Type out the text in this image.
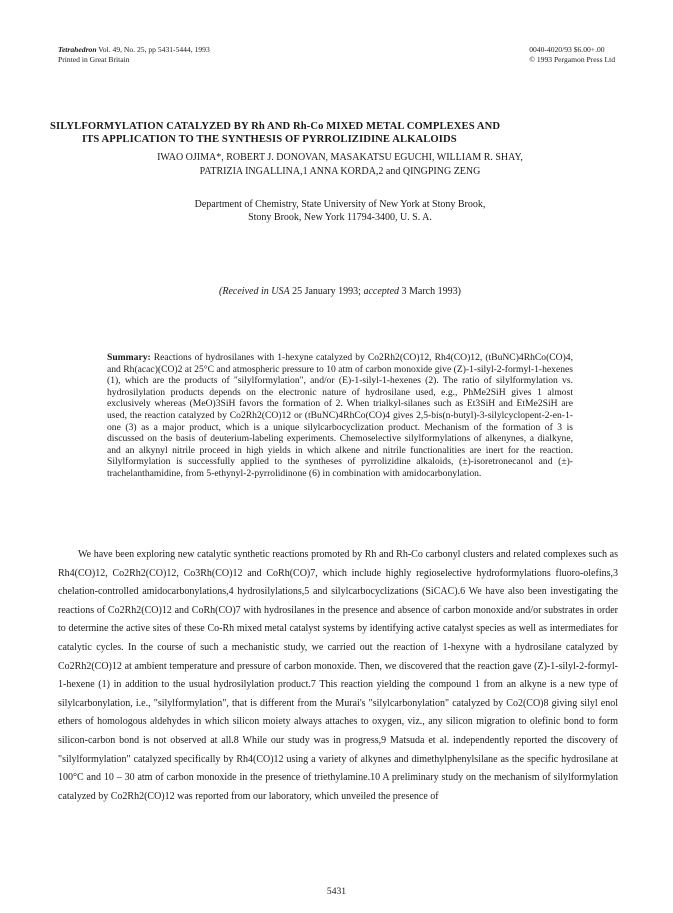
Tetrahedron Vol. 49, No. 25, pp 5431-5444, 1993
Printed in Great Britain
0040-4020/93 $6.00+.00
© 1993 Pergamon Press Ltd
SILYLFORMYLATION CATALYZED BY Rh AND Rh-Co MIXED METAL COMPLEXES AND
ITS APPLICATION TO THE SYNTHESIS OF PYRROLIZIDINE ALKALOIDS
IWAO OJIMA*, ROBERT J. DONOVAN, MASAKATSU EGUCHI, WILLIAM R. SHAY,
PATRIZIA INGALLINA,1 ANNA KORDA,2 and QINGPING ZENG
Department of Chemistry, State University of New York at Stony Brook,
Stony Brook, New York 11794-3400, U. S. A.
(Received in USA 25 January 1993; accepted 3 March 1993)
Summary: Reactions of hydrosilanes with 1-hexyne catalyzed by Co2Rh2(CO)12, Rh4(CO)12, (tBuNC)4RhCo(CO)4, and Rh(acac)(CO)2 at 25°C and atmospheric pressure to 10 atm of carbon monoxide give (Z)-1-silyl-2-formyl-1-hexenes (1), which are the products of "silylformylation", and/or (E)-1-silyl-1-hexenes (2). The ratio of silylformylation vs. hydrosilylation products depends on the electronic nature of hydrosilane used, e.g., PhMe2SiH gives 1 almost exclusively whereas (MeO)3SiH favors the formation of 2. When trialkyl-silanes such as Et3SiH and EtMe2SiH are used, the reaction catalyzed by Co2Rh2(CO)12 or (tBuNC)4RhCo(CO)4 gives 2,5-bis(n-butyl)-3-silylcyclopent-2-en-1-one (3) as a major product, which is a unique silylcarbocyclization product. Mechanism of the formation of 3 is discussed on the basis of deuterium-labeling experiments. Chemoselective silylformylations of alkenynes, a dialkyne, and an alkynyl nitrile proceed in high yields in which alkene and nitrile functionalities are inert for the reaction. Silylformylation is successfully applied to the syntheses of pyrrolizidine alkaloids, (±)-isoretronecanol and (±)-trachelanthamidine, from 5-ethynyl-2-pyrrolidinone (6) in combination with amidocarbonylation.

We have been exploring new catalytic synthetic reactions promoted by Rh and Rh-Co carbonyl clusters and related complexes such as Rh4(CO)12, Co2Rh2(CO)12, Co3Rh(CO)12 and CoRh(CO)7, which include highly regioselective hydroformylations fluoro-olefins,3 chelation-controlled amidocarbonylations,4 hydrosilylations,5 and silylcarbocyclizations (SiCAC).6 We have also been investigating the reactions of Co2Rh2(CO)12 and CoRh(CO)7 with hydrosilanes in the presence and absence of carbon monoxide and/or substrates in order to determine the active sites of these Co-Rh mixed metal catalyst systems by identifying active catalyst species as well as intermediates for catalytic cycles. In the course of such a mechanistic study, we carried out the reaction of 1-hexyne with a hydrosilane catalyzed by Co2Rh2(CO)12 at ambient temperature and pressure of carbon monoxide. Then, we discovered that the reaction gave (Z)-1-silyl-2-formyl-1-hexene (1) in addition to the usual hydrosilylation product.7 This reaction yielding the compound 1 from an alkyne is a new type of silylcarbonylation, i.e., "silylformylation", that is different from the Murai's "silylcarbonylation" catalyzed by Co2(CO)8 giving silyl enol ethers of homologous aldehydes in which silicon moiety always attaches to oxygen, viz., any silicon migration to olefinic bond to form silicon-carbon bond is not observed at all.8 While our study was in progress,9 Matsuda et al. independently reported the discovery of "silylformylation" catalyzed specifically by Rh4(CO)12 using a variety of alkynes and dimethylphenylsilane as the specific hydrosilane at 100°C and 10 – 30 atm of carbon monoxide in the presence of triethylamine.10 A preliminary study on the mechanism of silylformylation catalyzed by Co2Rh2(CO)12 was reported from our laboratory, which unveiled the presence of

5431
